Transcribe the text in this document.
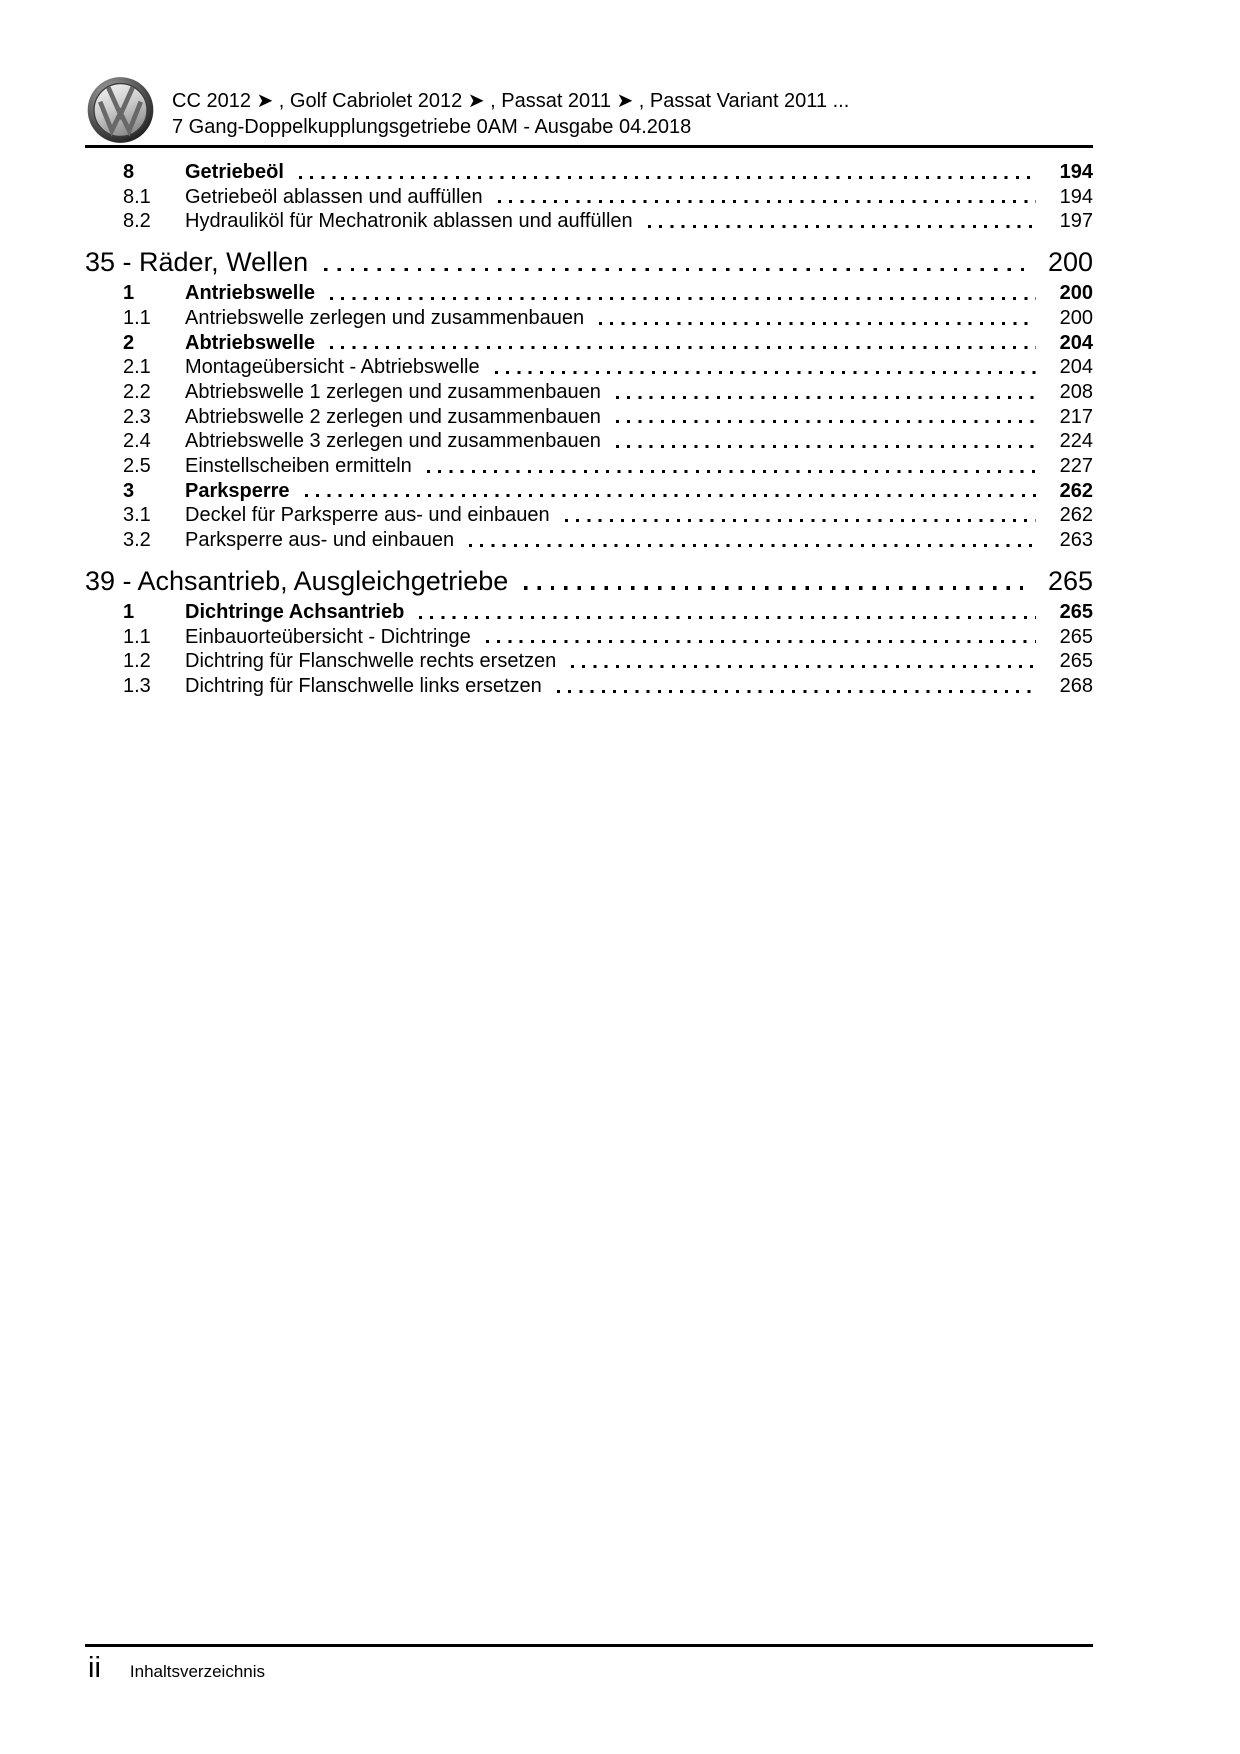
CC 2012 ➤ , Golf Cabriolet 2012 ➤ , Passat 2011 ➤ , Passat Variant 2011 ...
7 Gang-Doppelkupplungsgetriebe 0AM - Ausgabe 04.2018
8	Getriebeöl	194
8.1	Getriebeöl ablassen und auffüllen	194
8.2	Hydrauliköl für Mechatronik ablassen und auffüllen	197
35 - Räder, Wellen	200
1	Antriebswelle	200
1.1	Antriebswelle zerlegen und zusammenbauen	200
2	Abtriebswelle	204
2.1	Montageübersicht - Abtriebswelle	204
2.2	Abtriebswelle 1 zerlegen und zusammenbauen	208
2.3	Abtriebswelle 2 zerlegen und zusammenbauen	217
2.4	Abtriebswelle 3 zerlegen und zusammenbauen	224
2.5	Einstellscheiben ermitteln	227
3	Parksperre	262
3.1	Deckel für Parksperre aus- und einbauen	262
3.2	Parksperre aus- und einbauen	263
39 - Achsantrieb, Ausgleichgetriebe	265
1	Dichtringe Achsantrieb	265
1.1	Einbauorteübersicht - Dichtringe	265
1.2	Dichtring für Flanschwelle rechts ersetzen	265
1.3	Dichtring für Flanschwelle links ersetzen	268
ii Inhaltsverzeichnis
